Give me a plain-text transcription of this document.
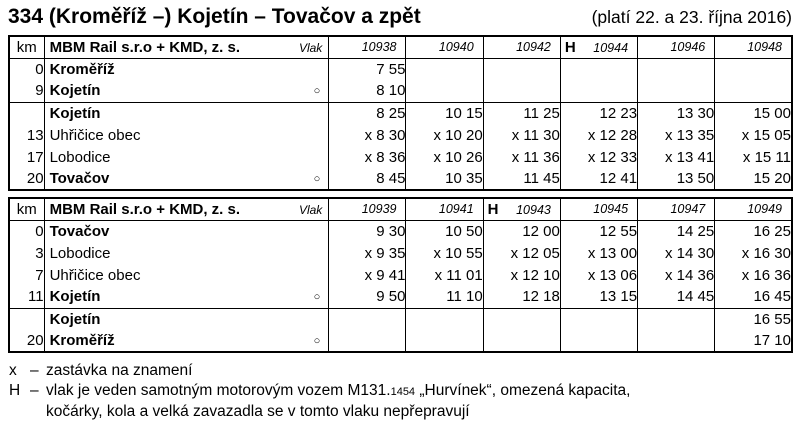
334 (Kroměříž –) Kojetín – Tovačov a zpět	(platí 22. a 23. října 2016)
km	MBM Rail s.r.o + KMD, z. s. Vlak	10938	10940	10942	H 10944	10946	10948

0	Kroměříž	7 55					
9	Kojetín ○	8 10					

	Kojetín	8 25	10 15	11 25	12 23	13 30	15 00
13	Uhřičice obec	x 8 30	x 10 20	x 11 30	x 12 28	x 13 35	x 15 05
17	Lobodice	x 8 36	x 10 26	x 11 36	x 12 33	x 13 41	x 15 11
20	Tovačov ○	8 45	10 35	11 45	12 41	13 50	15 20
km	MBM Rail s.r.o + KMD, z. s. Vlak	10939	10941	H 10943	10945	10947	10949

0	Tovačov	9 30	10 50	12 00	12 55	14 25	16 25
3	Lobodice	x 9 35	x 10 55	x 12 05	x 13 00	x 14 30	x 16 30
7	Uhřičice obec	x 9 41	x 11 01	x 12 10	x 13 06	x 14 36	x 16 36
11	Kojetín ○	9 50	11 10	12 18	13 15	14 45	16 45

	Kojetín						16 55
20	Kroměříž ○						17 10
x – zastávka na znamení
H – vlak je veden samotným motorovým vozem M131.1454 „Hurvínek“, omezená kapacita,
kočárky, kola a velká zavazadla se v tomto vlaku nepřepravují
